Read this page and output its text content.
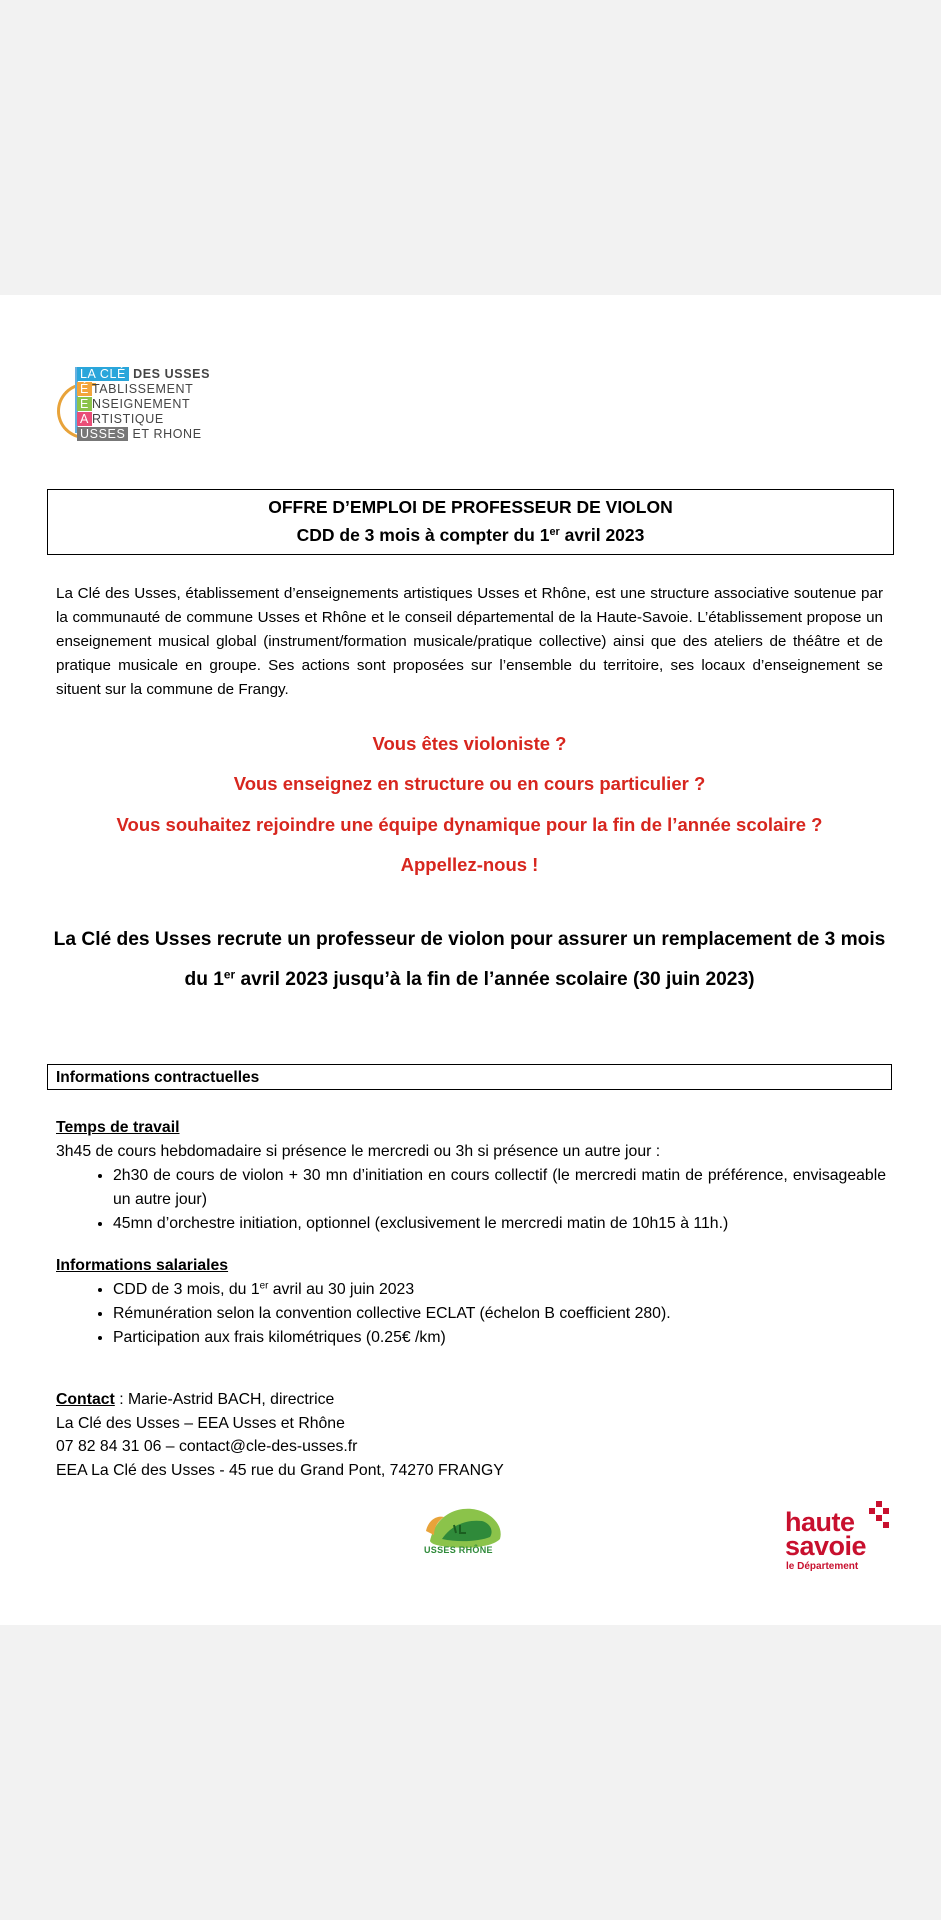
LA CLÉ DES USSES
É TABLISSEMENT
E NSEIGNEMENT
A RTISTIQUE
USSES ET RHONE
OFFRE D’EMPLOI DE PROFESSEUR DE VIOLON
CDD de 3 mois à compter du 1er avril 2023
La Clé des Usses, établissement d’enseignements artistiques Usses et Rhône, est une structure associative soutenue par la communauté de commune Usses et Rhône et le conseil départemental de la Haute-Savoie. L’établissement propose un enseignement musical global (instrument/formation musicale/pratique collective) ainsi que des ateliers de théâtre et de pratique musicale en groupe. Ses actions sont proposées sur l’ensemble du territoire, ses locaux d’enseignement se situent sur la commune de Frangy.
Vous êtes violoniste ?
Vous enseignez en structure ou en cours particulier ?
Vous souhaitez rejoindre une équipe dynamique pour la fin de l’année scolaire ?
Appellez-nous !
La Clé des Usses recrute un professeur de violon pour assurer un remplacement de 3 mois
du 1er avril 2023 jusqu’à la fin de l’année scolaire (30 juin 2023)
Informations contractuelles
Temps de travail
3h45 de cours hebdomadaire si présence le mercredi ou 3h si présence un autre jour :
• 2h30 de cours de violon + 30 mn d’initiation en cours collectif (le mercredi matin de préférence, envisageable un autre jour)
• 45mn d’orchestre initiation, optionnel (exclusivement le mercredi matin de 10h15 à 11h.)
Informations salariales
• CDD de 3 mois, du 1er avril au 30 juin 2023
• Rémunération selon la convention collective ECLAT (échelon B coefficient 280).
• Participation aux frais kilométriques (0.25€ /km)
Contact : Marie-Astrid BACH, directrice
La Clé des Usses – EEA Usses et Rhône
07 82 84 31 06 – contact@cle-des-usses.fr
EEA La Clé des Usses - 45 rue du Grand Pont, 74270 FRANGY
USSES RHÔNE
haute
savoie
le Département
